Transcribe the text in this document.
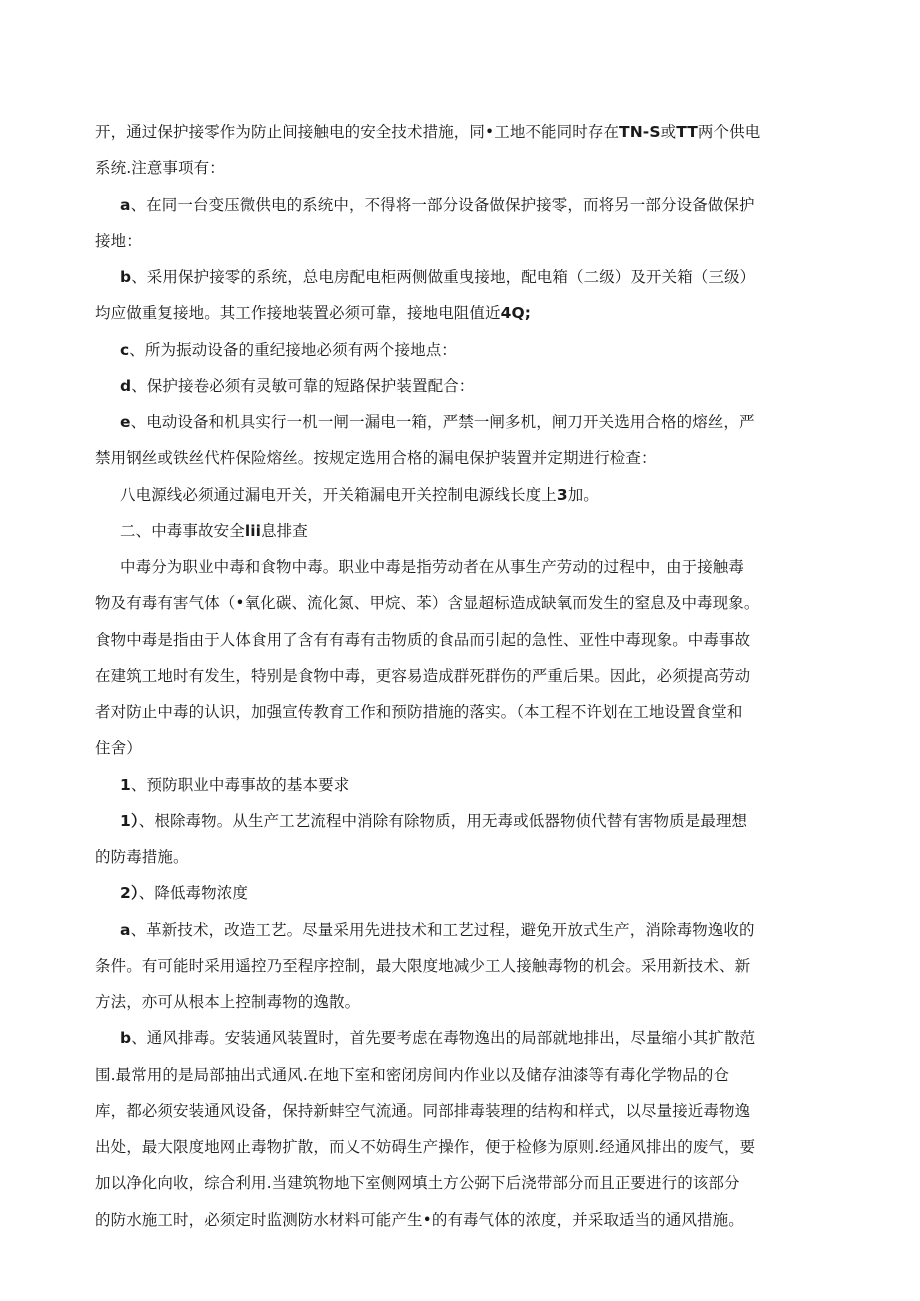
开，通过保护接零作为防止间接触电的安全技术措施，同•工地不能同时存在TN-S或TT两个供电
系统.注意事项有：
a、在同一台变压微供电的系统中，不得将一部分设备做保护接零，而将另一部分设备做保护
接地：
b、采用保护接零的系统，总电房配电柜两侧做重曳接地，配电箱（二级）及开关箱（三级）
均应做重复接地。其工作接地装置必须可靠，接地电阻值近4Q;
c、所为振动设备的重纪接地必须有两个接地点：
d、保护接卷必须有灵敏可靠的短路保护装置配合：
e、电动设备和机具实行一机一闸一漏电一箱，严禁一闸多机，闸刀开关选用合格的熔丝，严
禁用钢丝或铁丝代杵保险熔丝。按规定选用合格的漏电保护装置并定期进行检查：
八电源线必须通过漏电开关，开关箱漏电开关控制电源线长度上3加。
二、中毒事故安全lii息排查
中毒分为职业中毒和食物中毒。职业中毒是指劳动者在从事生产劳动的过程中，由于接触毒
物及有毒有害气体（•氧化碳、流化氮、甲烷、苯）含显超标造成缺氧而发生的窒息及中毒现象。
食物中毒是指由于人体食用了含有有毒有击物质的食品而引起的急性、亚性中毒现象。中毒事故
在建筑工地时有发生，特别是食物中毒，更容易造成群死群伤的严重后果。因此，必须提高劳动
者对防止中毒的认识，加强宣传教育工作和预防措施的落实。（本工程不许划在工地设置食堂和
住舍）
1、预防职业中毒事故的基本要求
1）、根除毒物。从生产工艺流程中消除有除物质，用无毒或低器物侦代替有害物质是最理想
的防毒措施。
2）、降低毒物浓度
a、革新技术，改造工艺。尽量采用先进技术和工艺过程，避免开放式生产，消除毒物逸收的
条件。有可能时采用遥控乃至程序控制，最大限度地减少工人接触毒物的机会。采用新技术、新
方法，亦可从根本上控制毒物的逸散。
b、通风排毒。安装通风装置时，首先要考虑在毒物逸出的局部就地排出，尽量缩小其扩散范
围.最常用的是局部抽出式通风.在地下室和密闭房间内作业以及储存油漆等有毒化学物品的仓
库，都必须安装通风设备，保持新蚌空气流通。同部排毒装理的结构和样式，以尽量接近毒物逸
出处，最大限度地网止毒物扩散，而乂不妨碍生产操作，便于检修为原则.经通风排出的废气，要
加以净化向收，综合利用.当建筑物地下室侧网填土方公弼下后浇带部分而且正要进行的该部分
的防水施工时，必须定时监测防水材料可能产生•的有毒气体的浓度，并采取适当的通风措施。
